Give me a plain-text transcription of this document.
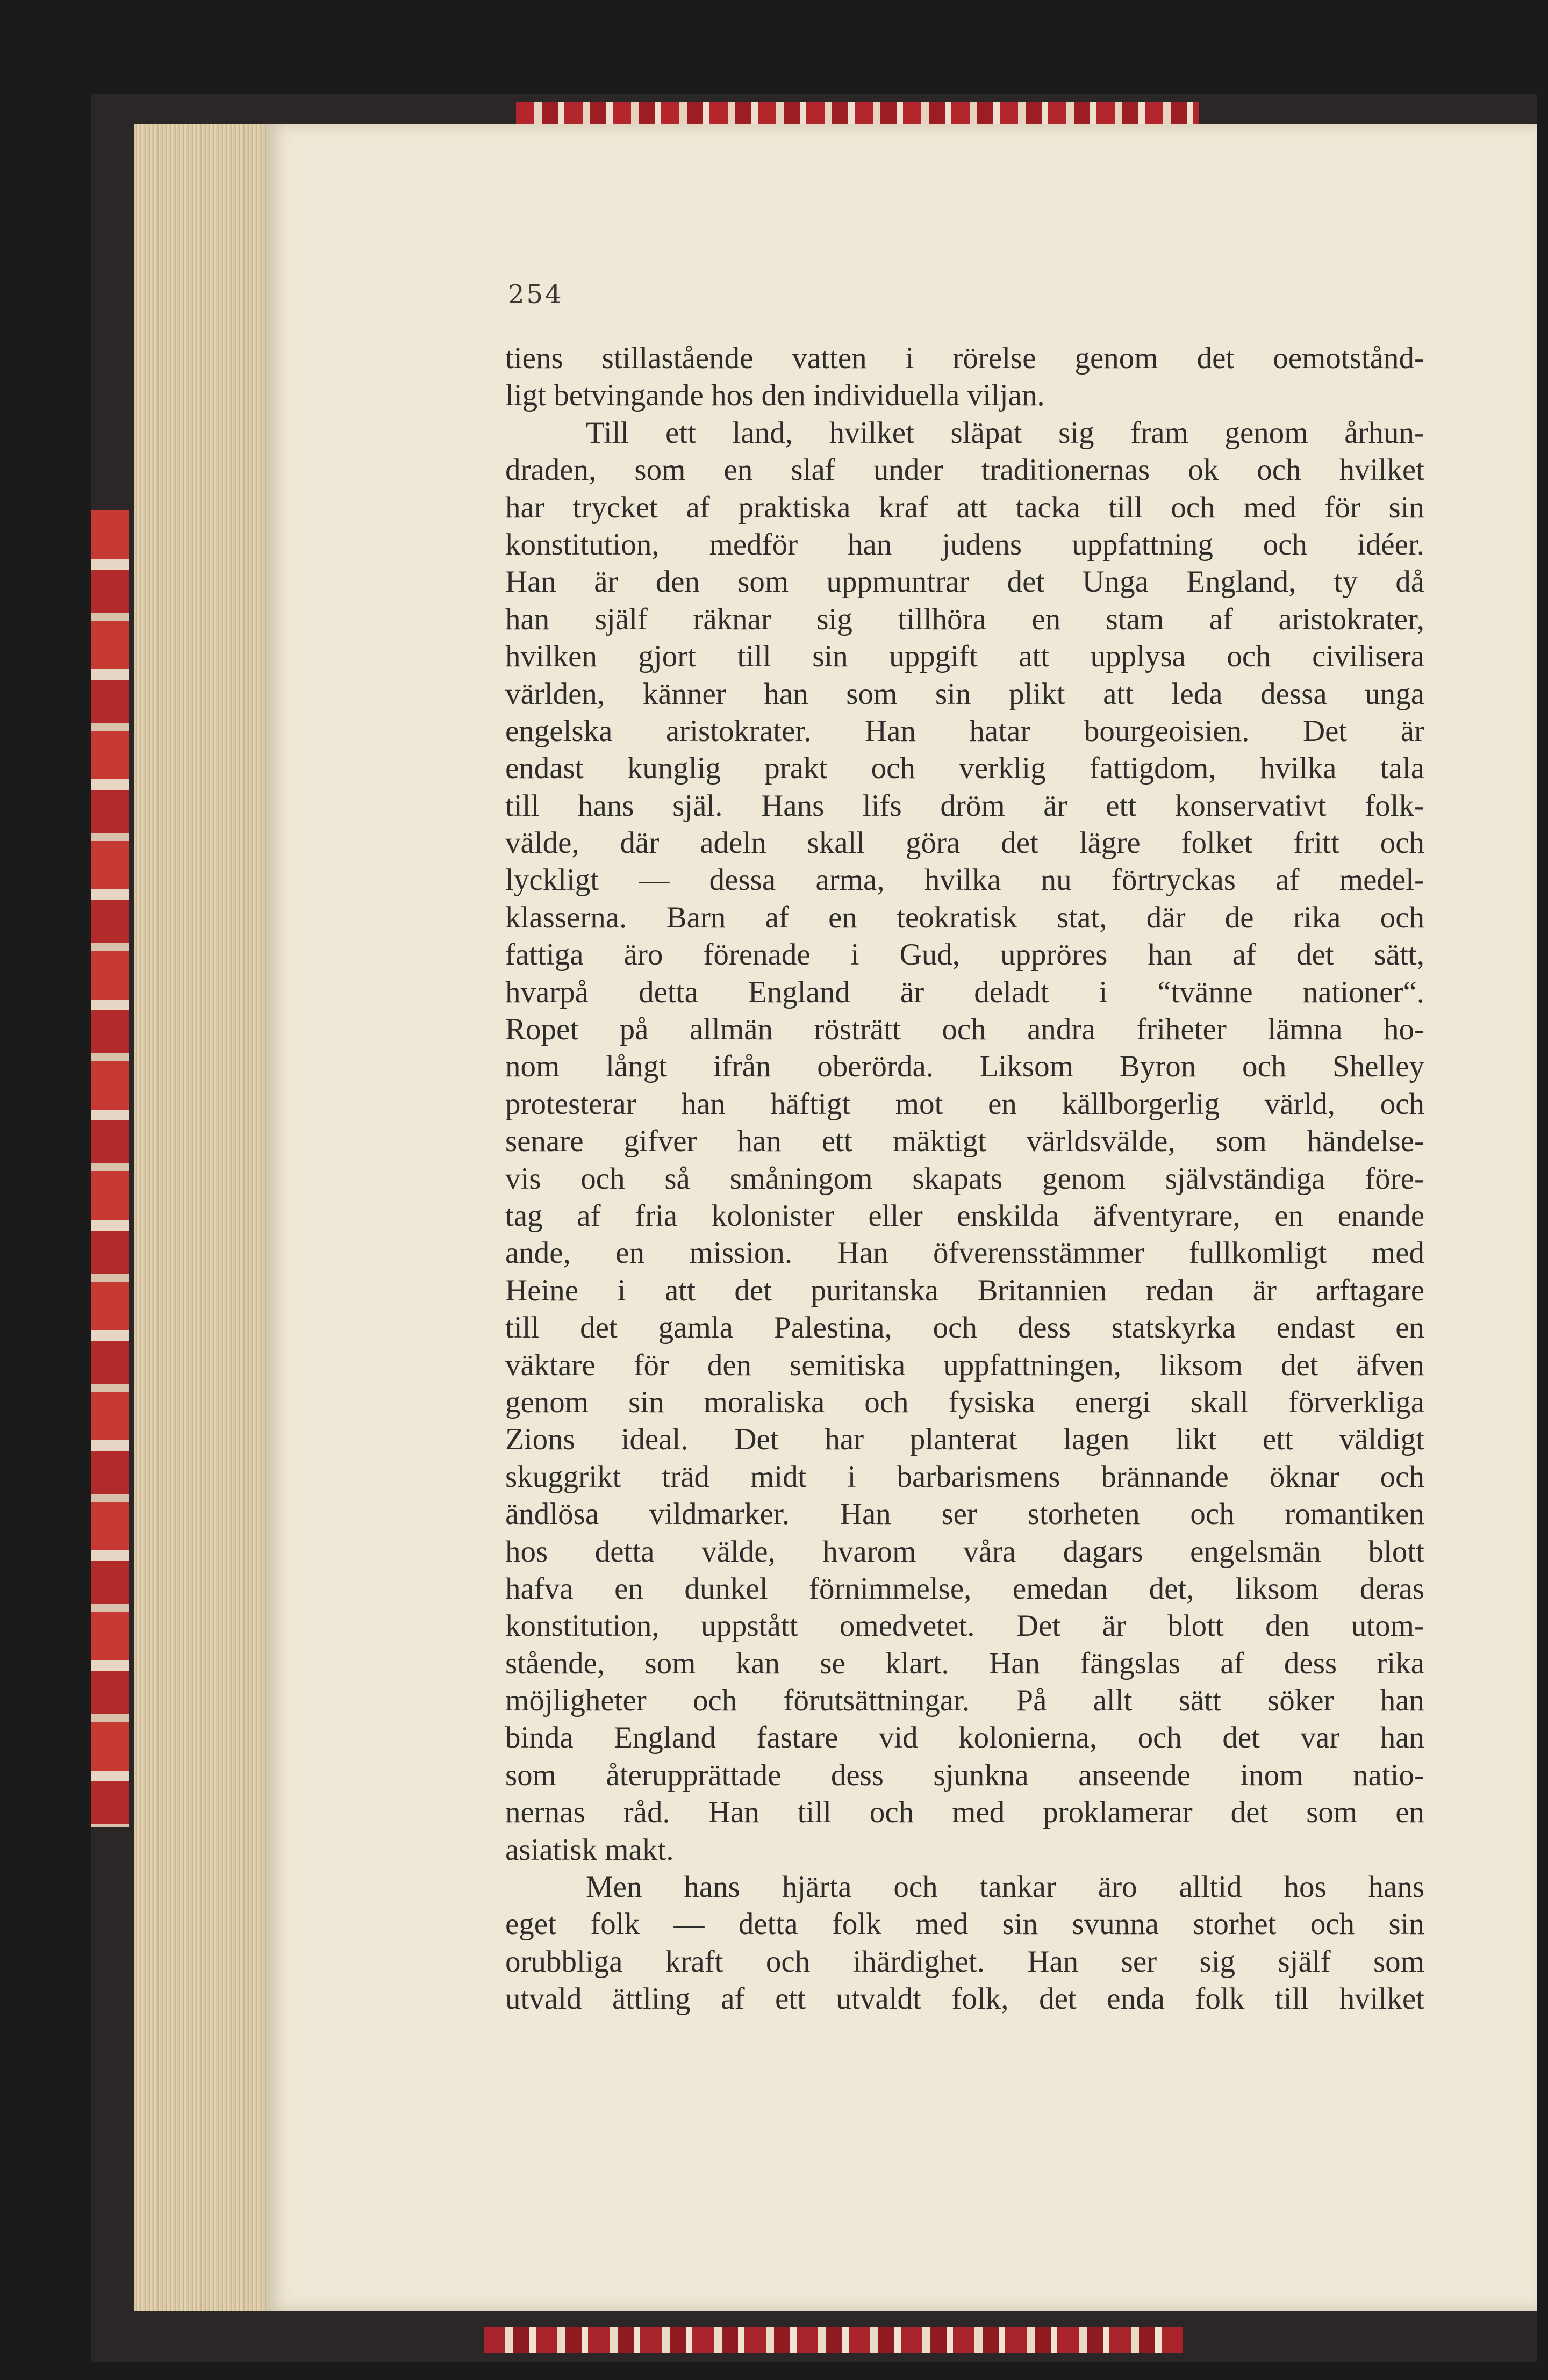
254
tiens stillastående vatten i rörelse genom det oemotstånd-
ligt betvingande hos den individuella viljan.
Till ett land, hvilket släpat sig fram genom århun-
draden, som en slaf under traditionernas ok och hvilket
har trycket af praktiska kraf att tacka till och med för sin
konstitution, medför han judens uppfattning och idéer.
Han är den som uppmuntrar det Unga England, ty då
han själf räknar sig tillhöra en stam af aristokrater,
hvilken gjort till sin uppgift att upplysa och civilisera
världen, känner han som sin plikt att leda dessa unga
engelska aristokrater. Han hatar bourgeoisien. Det är
endast kunglig prakt och verklig fattigdom, hvilka tala
till hans själ. Hans lifs dröm är ett konservativt folk-
välde, där adeln skall göra det lägre folket fritt och
lyckligt — dessa arma, hvilka nu förtryckas af medel-
klasserna. Barn af en teokratisk stat, där de rika och
fattiga äro förenade i Gud, uppröres han af det sätt,
hvarpå detta England är deladt i “tvänne nationer“.
Ropet på allmän rösträtt och andra friheter lämna ho-
nom långt ifrån oberörda. Liksom Byron och Shelley
protesterar han häftigt mot en källborgerlig värld, och
senare gifver han ett mäktigt världsvälde, som händelse-
vis och så småningom skapats genom självständiga före-
tag af fria kolonister eller enskilda äfventyrare, en enande
ande, en mission. Han öfverensstämmer fullkomligt med
Heine i att det puritanska Britannien redan är arftagare
till det gamla Palestina, och dess statskyrka endast en
väktare för den semitiska uppfattningen, liksom det äfven
genom sin moraliska och fysiska energi skall förverkliga
Zions ideal. Det har planterat lagen likt ett väldigt
skuggrikt träd midt i barbarismens brännande öknar och
ändlösa vildmarker. Han ser storheten och romantiken
hos detta välde, hvarom våra dagars engelsmän blott
hafva en dunkel förnimmelse, emedan det, liksom deras
konstitution, uppstått omedvetet. Det är blott den utom-
stående, som kan se klart. Han fängslas af dess rika
möjligheter och förutsättningar. På allt sätt söker han
binda England fastare vid kolonierna, och det var han
som återupprättade dess sjunkna anseende inom natio-
nernas råd. Han till och med proklamerar det som en
asiatisk makt.
Men hans hjärta och tankar äro alltid hos hans
eget folk — detta folk med sin svunna storhet och sin
orubbliga kraft och ihärdighet. Han ser sig själf som
utvald ättling af ett utvaldt folk, det enda folk till hvilket
